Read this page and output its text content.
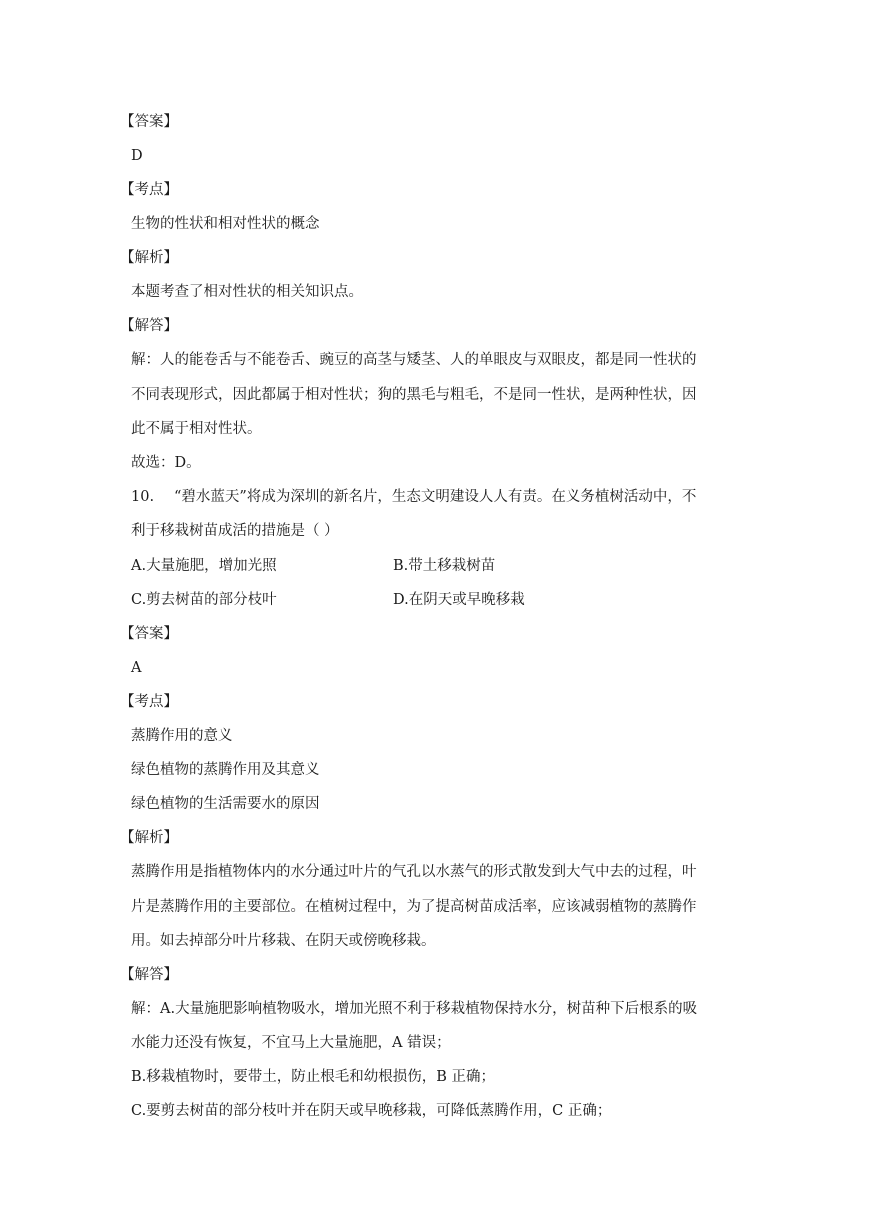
【答案】
D
【考点】
生物的性状和相对性状的概念
【解析】
本题考查了相对性状的相关知识点。
【解答】
解：人的能卷舌与不能卷舌、豌豆的高茎与矮茎、人的单眼皮与双眼皮，都是同一性状的
不同表现形式，因此都属于相对性状；狗的黑毛与粗毛，不是同一性状，是两种性状，因
此不属于相对性状。
故选：D。
10. “碧水蓝天”将成为深圳的新名片，生态文明建设人人有责。在义务植树活动中，不
利于移栽树苗成活的措施是（ ）
A.大量施肥，增加光照	B.带土移栽树苗
C.剪去树苗的部分枝叶	D.在阴天或早晚移栽
【答案】
A
【考点】
蒸腾作用的意义
绿色植物的蒸腾作用及其意义
绿色植物的生活需要水的原因
【解析】
蒸腾作用是指植物体内的水分通过叶片的气孔以水蒸气的形式散发到大气中去的过程，叶
片是蒸腾作用的主要部位。在植树过程中，为了提高树苗成活率，应该减弱植物的蒸腾作
用。如去掉部分叶片移栽、在阴天或傍晚移栽。
【解答】
解：A.大量施肥影响植物吸水，增加光照不利于移栽植物保持水分，树苗种下后根系的吸
水能力还没有恢复，不宜马上大量施肥，A 错误；
B.移栽植物时，要带土，防止根毛和幼根损伤，B 正确；
C.要剪去树苗的部分枝叶并在阴天或早晚移栽，可降低蒸腾作用，C 正确；
